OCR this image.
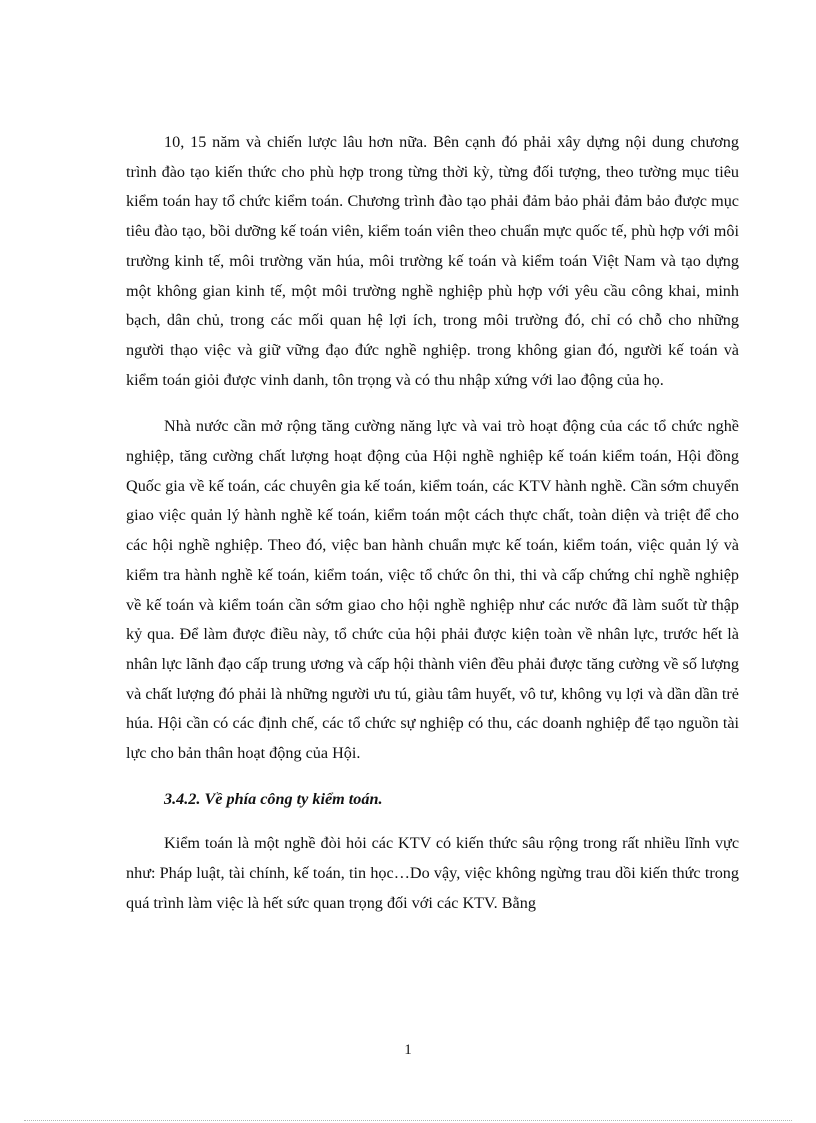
10, 15 năm và chiến lược lâu hơn nữa. Bên cạnh đó phải xây dựng nội dung chương trình đào tạo kiến thức cho phù hợp trong từng thời kỳ, từng đối tượng, theo tường mục tiêu kiểm toán hay tổ chức kiểm toán. Chương trình đào tạo phải đảm bảo phải đảm bảo được mục tiêu đào tạo, bồi dưỡng kế toán viên, kiểm toán viên theo chuẩn mực quốc tế, phù hợp với môi trường kinh tế, môi trường văn húa, môi trường kế toán và kiểm toán Việt Nam và tạo dựng một không gian kinh tế, một môi trường nghề nghiệp phù hợp với yêu cầu công khai, minh bạch, dân chủ, trong các mối quan hệ lợi ích, trong môi trường đó, chỉ có chỗ cho những người thạo việc và giữ vững đạo đức nghề nghiệp. trong không gian đó, người kế toán và kiểm toán giỏi được vinh danh, tôn trọng và có thu nhập xứng với lao động của họ.

Nhà nước cần mở rộng tăng cường năng lực và vai trò hoạt động của các tổ chức nghề nghiệp, tăng cường chất lượng hoạt động của Hội nghề nghiệp kế toán kiểm toán, Hội đồng Quốc gia về kế toán, các chuyên gia kế toán, kiểm toán, các KTV hành nghề. Cần sớm chuyển giao việc quản lý hành nghề kế toán, kiểm toán một cách thực chất, toàn diện và triệt để cho các hội nghề nghiệp. Theo đó, việc ban hành chuẩn mực kế toán, kiểm toán, việc quản lý và kiểm tra hành nghề kế toán, kiểm toán, việc tổ chức ôn thi, thi và cấp chứng chỉ nghề nghiệp về kế toán và kiểm toán cần sớm giao cho hội nghề nghiệp như các nước đã làm suốt từ thập kỷ qua. Để làm được điều này, tổ chức của hội phải được kiện toàn về nhân lực, trước hết là nhân lực lãnh đạo cấp trung ương và cấp hội thành viên đều phải được tăng cường về số lượng và chất lượng đó phải là những người ưu tú, giàu tâm huyết, vô tư, không vụ lợi và dần dần trẻ húa. Hội cần có các định chế, các tổ chức sự nghiệp có thu, các doanh nghiệp để tạo nguồn tài lực cho bản thân hoạt động của Hội.

3.4.2. Về phía công ty kiểm toán.

Kiểm toán là một nghề đòi hỏi các KTV có kiến thức sâu rộng trong rất nhiều lĩnh vực như: Pháp luật, tài chính, kế toán, tin học…Do vậy, việc không ngừng trau dồi kiến thức trong quá trình làm việc là hết sức quan trọng đối với các KTV. Bằng

1
